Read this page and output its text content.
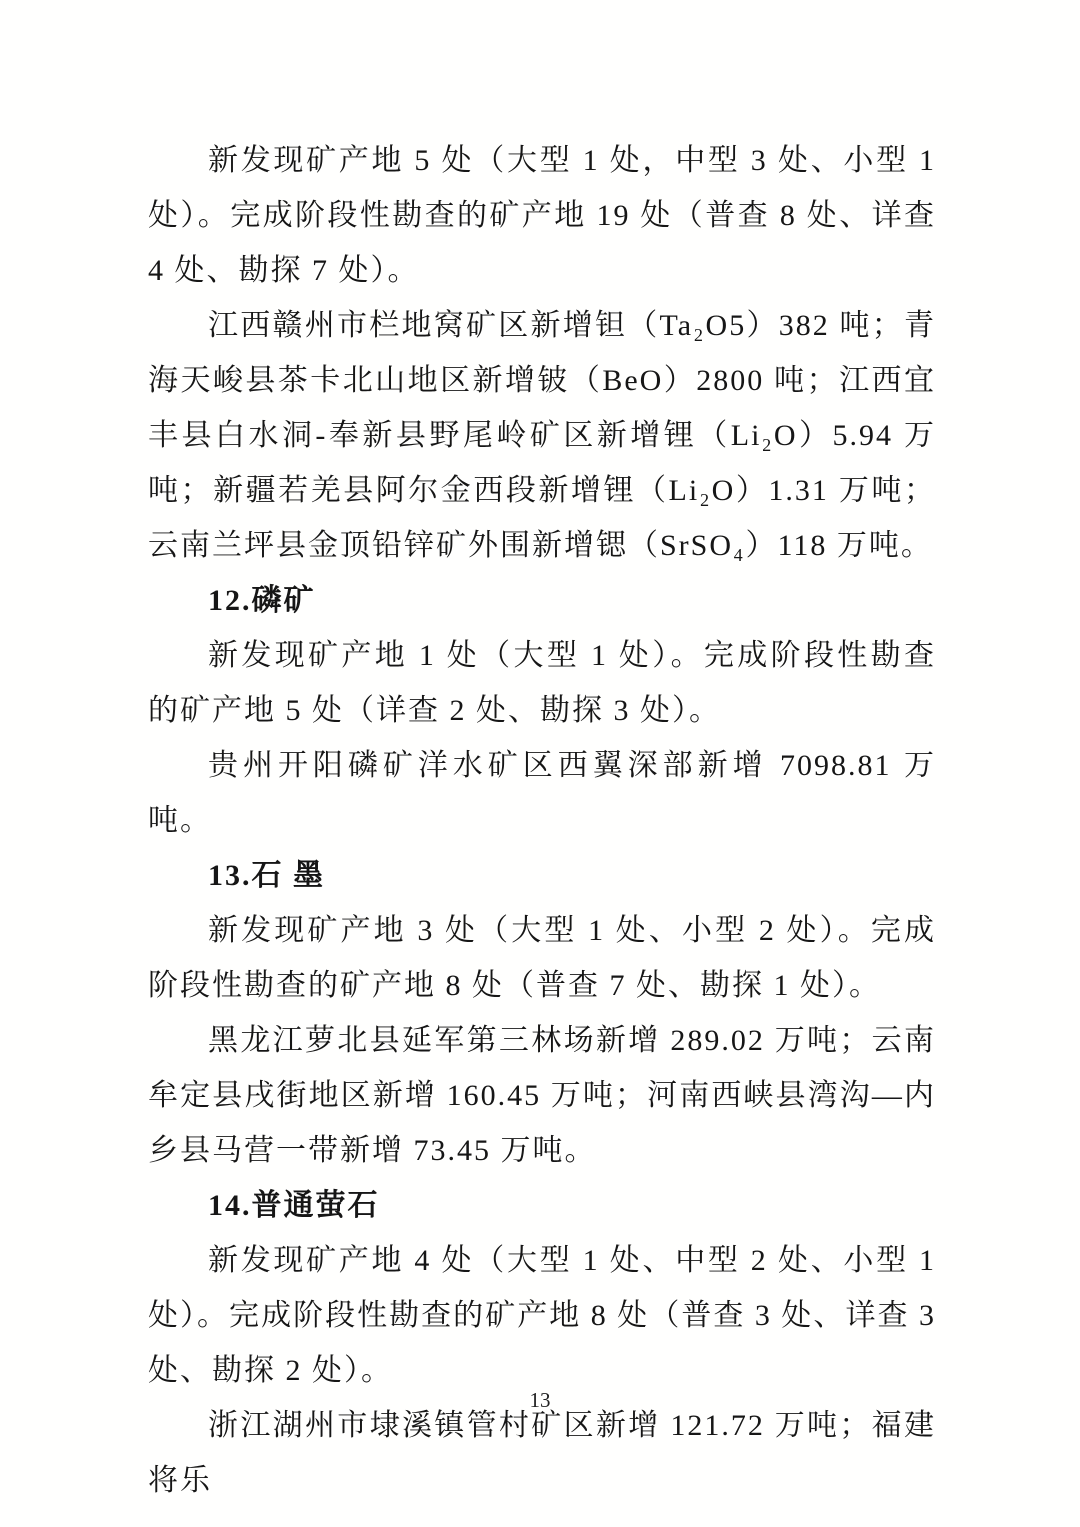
新发现矿产地 5 处（大型 1 处，中型 3 处、小型 1 处）。完成阶段性勘查的矿产地 19 处（普查 8 处、详查 4 处、勘探 7 处）。

江西赣州市栏地窝矿区新增钽（Ta₂O5）382 吨；青海天峻县茶卡北山地区新增铍（BeO）2800 吨；江西宜丰县白水洞-奉新县野尾岭矿区新增锂（Li₂O）5.94 万吨；新疆若羌县阿尔金西段新增锂（Li₂O）1.31 万吨；云南兰坪县金顶铅锌矿外围新增锶（SrSO₄）118 万吨。

12.磷矿

新发现矿产地 1 处（大型 1 处）。完成阶段性勘查的矿产地 5 处（详查 2 处、勘探 3 处）。

贵州开阳磷矿洋水矿区西翼深部新增 7098.81 万吨。

13.石 墨

新发现矿产地 3 处（大型 1 处、小型 2 处）。完成阶段性勘查的矿产地 8 处（普查 7 处、勘探 1 处）。

黑龙江萝北县延军第三林场新增 289.02 万吨；云南牟定县戌街地区新增 160.45 万吨；河南西峡县湾沟—内乡县马营一带新增 73.45 万吨。

14.普通萤石

新发现矿产地 4 处（大型 1 处、中型 2 处、小型 1 处）。完成阶段性勘查的矿产地 8 处（普查 3 处、详查 3 处、勘探 2 处）。

浙江湖州市埭溪镇管村矿区新增 121.72 万吨；福建将乐

13
